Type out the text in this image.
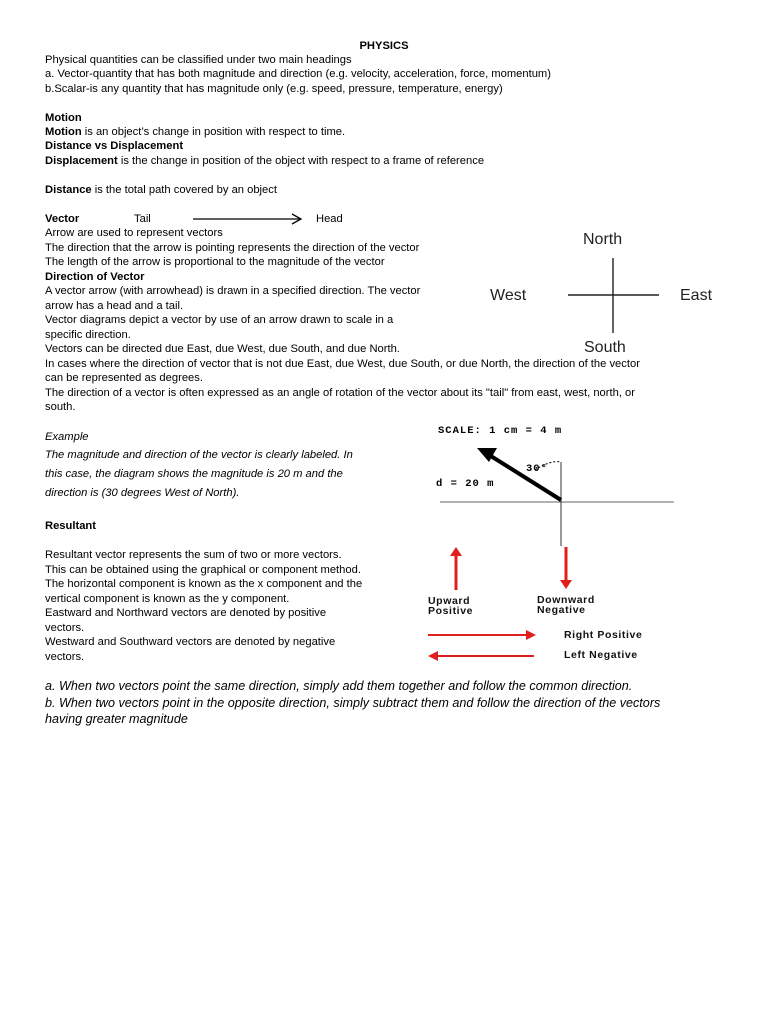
PHYSICS
Physical quantities can be classified under two main headings
a. Vector-quantity that has both magnitude and direction (e.g. velocity, acceleration, force, momentum)
b.Scalar-is any quantity that has magnitude only (e.g. speed, pressure, temperature, energy)
Motion
Motion is an object’s change in position with respect to time.
Distance vs Displacement
Displacement is the change in position of the object with respect to a frame of reference
Distance is the total path covered by an object
Vector	Tail	Head
Arrow are used to represent vectors
The direction that the arrow is pointing represents the direction of the vector
The length of the arrow is proportional to the magnitude of the vector
Direction of Vector
A vector arrow (with arrowhead) is drawn in a specified direction. The vector
arrow has a head and a tail.
Vector diagrams depict a vector by use of an arrow drawn to scale in a
specific direction.
Vectors can be directed due East, due West, due South, and due North.
In cases where the direction of vector that is not due East, due West, due South, or due North, the direction of the vector
can be represented as degrees.
The direction of a vector is often expressed as an angle of rotation of the vector about its "tail" from east, west, north, or
south.
North
West	East
South
Example
The magnitude and direction of the vector is clearly labeled. In
this case, the diagram shows the magnitude is 20 m and the
direction is (30 degrees West of North).
SCALE: 1 cm = 4 m
30°
d = 20 m
Resultant
Resultant vector represents the sum of two or more vectors.
This can be obtained using the graphical or component method.
The horizontal component is known as the x component and the
vertical component is known as the y component.
Eastward and Northward vectors are denoted by positive
vectors.
Westward and Southward vectors are denoted by negative
vectors.
Upward
Positive
Downward
Negative
Right Positive
Left Negative
a. When two vectors point the same direction, simply add them together and follow the common direction.
b. When two vectors point in the opposite direction, simply subtract them and follow the direction of the vectors
having greater magnitude
